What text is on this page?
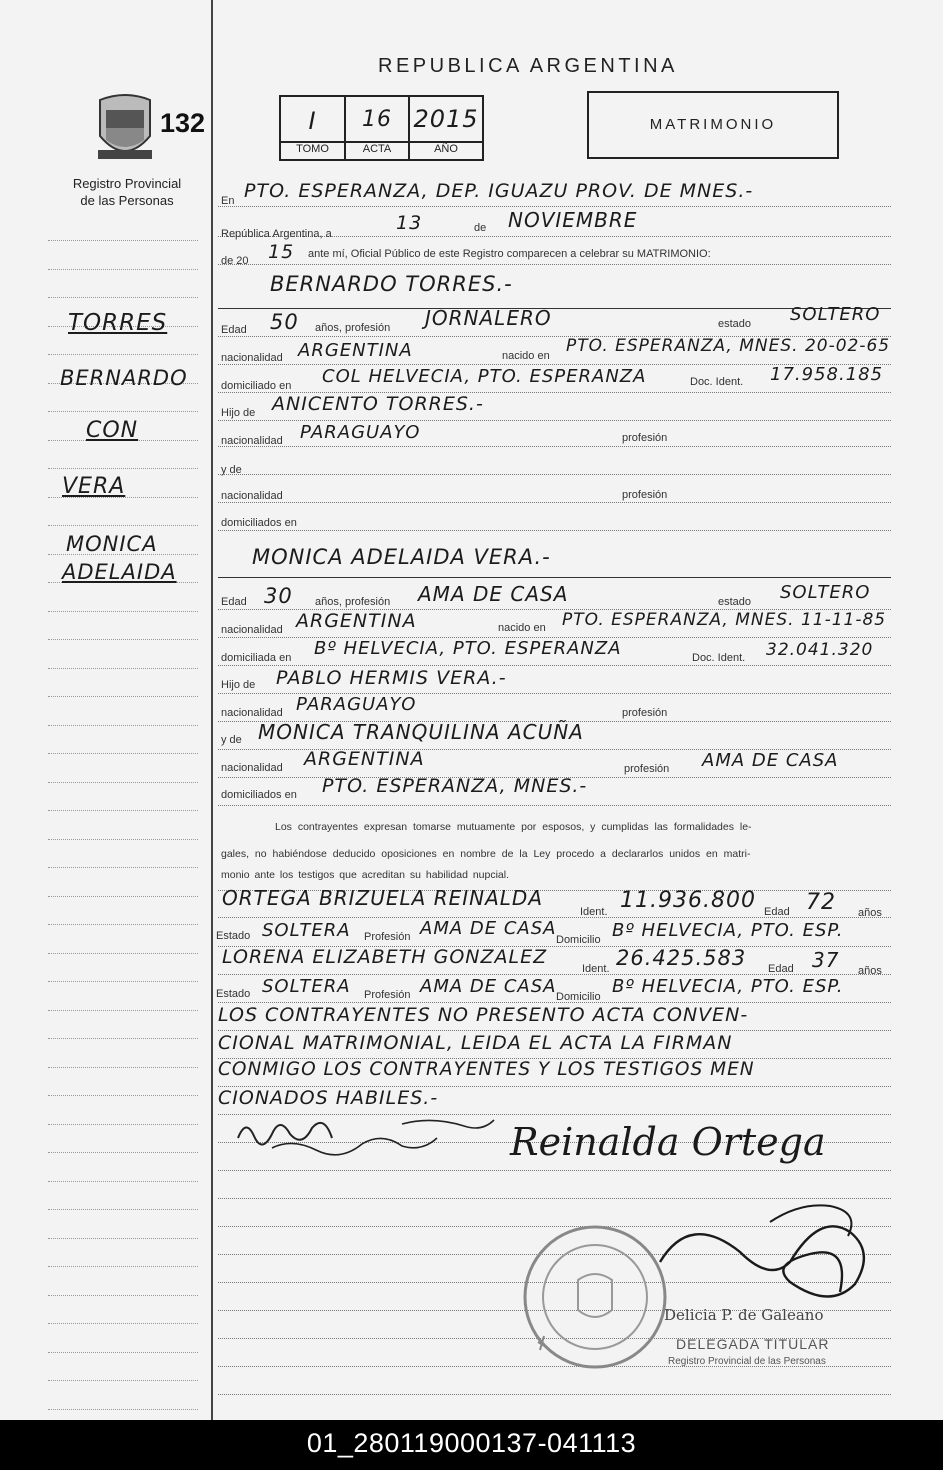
132
Registro Provincial
de las Personas
TORRES
BERNARDO
CON
VERA
MONICA
ADELAIDA
REPUBLICA ARGENTINA
I	16 2015
TOMO	ACTA	AÑO
MATRIMONIO
En PTO. ESPERANZA, DEP. IGUAZU PROV. DE MNES.-
República Argentina, a	13	de NOVIEMBRE
de 20 15 ante mí, Oficial Público de este Registro comparecen a celebrar su MATRIMONIO:
BERNARDO TORRES.-
Edad 50 años, profesión JORNALERO	estado SOLTERO
nacionalidad ARGENTINA	nacido en PTO. ESPERANZA, MNES. 20-02-65
domiciliado en COL HELVECIA, PTO. ESPERANZA	Doc. Ident. 17.958.185
Hijo de ANICENTO TORRES.-
nacionalidad PARAGUAYO	profesión
y de
nacionalidad	profesión
domiciliados en
MONICA ADELAIDA VERA.-
Edad 30 años, profesión AMA DE CASA	estado SOLTERO
nacionalidad ARGENTINA	nacido en PTO. ESPERANZA, MNES. 11-11-85
domiciliada en Bº HELVECIA, PTO. ESPERANZA	Doc. Ident. 32.041.320
Hijo de PABLO HERMIS VERA.-
nacionalidad PARAGUAYO	profesión
y de MONICA TRANQUILINA ACUÑA
nacionalidad ARGENTINA	profesión AMA DE CASA
domiciliados en PTO. ESPERANZA, MNES.-
Los contrayentes expresan tomarse mutuamente por esposos, y cumplidas las formalidades le-
gales, no habiéndose deducido oposiciones en nombre de la Ley procedo a declararlos unidos en matri-
monio ante los testigos que acreditan su habilidad nupcial.
ORTEGA BRIZUELA REINALDA
Ident. 11.936.800 Edad 72 años
Estado SOLTERA Profesión AMA DE CASA
Domicilio Bº HELVECIA, PTO. ESP.
LORENA ELIZABETH GONZALEZ
Ident. 26.425.583 Edad 37 años
Estado SOLTERA Profesión AMA DE CASA Domicilio Bº HELVECIA, PTO. ESP.
LOS CONTRAYENTES NO PRESENTO ACTA CONVEN-
CIONAL MATRIMONIAL, LEIDA EL ACTA LA FIRMAN
CONMIGO LOS CONTRAYENTES Y LOS TESTIGOS MEN
CIONADOS HABILES.-
Reinalda Ortega
Delicia P. de Galeano
DELEGADA TITULAR
Registro Provincial de las Personas
01_280119000137-041113
